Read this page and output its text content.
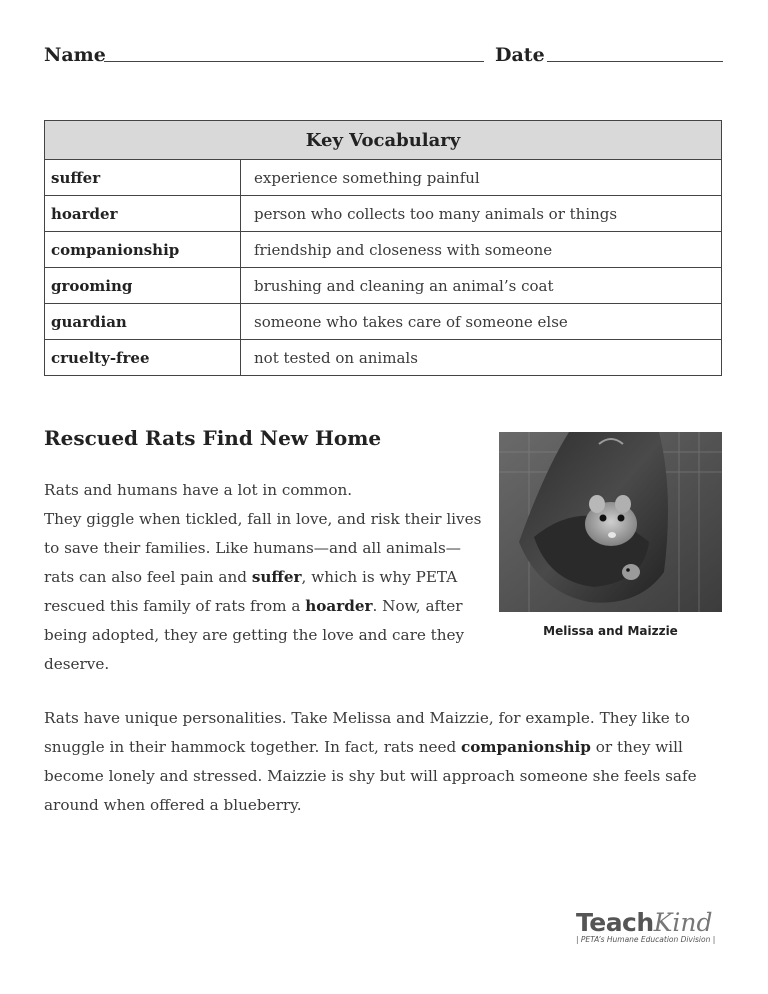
Name	Date
Key Vocabulary	
suffer	experience something painful
hoarder	person who collects too many animals or things
companionship	friendship and closeness with someone
grooming	brushing and cleaning an animal’s coat
guardian	someone who takes care of someone else
cruelty-free	not tested on animals
Rescued Rats Find New Home

Rats and humans have a lot in common.
They giggle when tickled, fall in love, and risk their lives to save their families. Like humans—and all animals—rats can also feel pain and suffer, which is why PETA rescued this family of rats from a hoarder. Now, after being adopted, they are getting the love and care they deserve.

Melissa and Maizzie

Rats have unique personalities. Take Melissa and Maizzie, for example. They like to snuggle in their hammock together. In fact, rats need companionship or they will become lonely and stressed. Maizzie is shy but will approach someone she feels safe around when offered a blueberry.

TeachKind
| PETA’s Humane Education Division |
